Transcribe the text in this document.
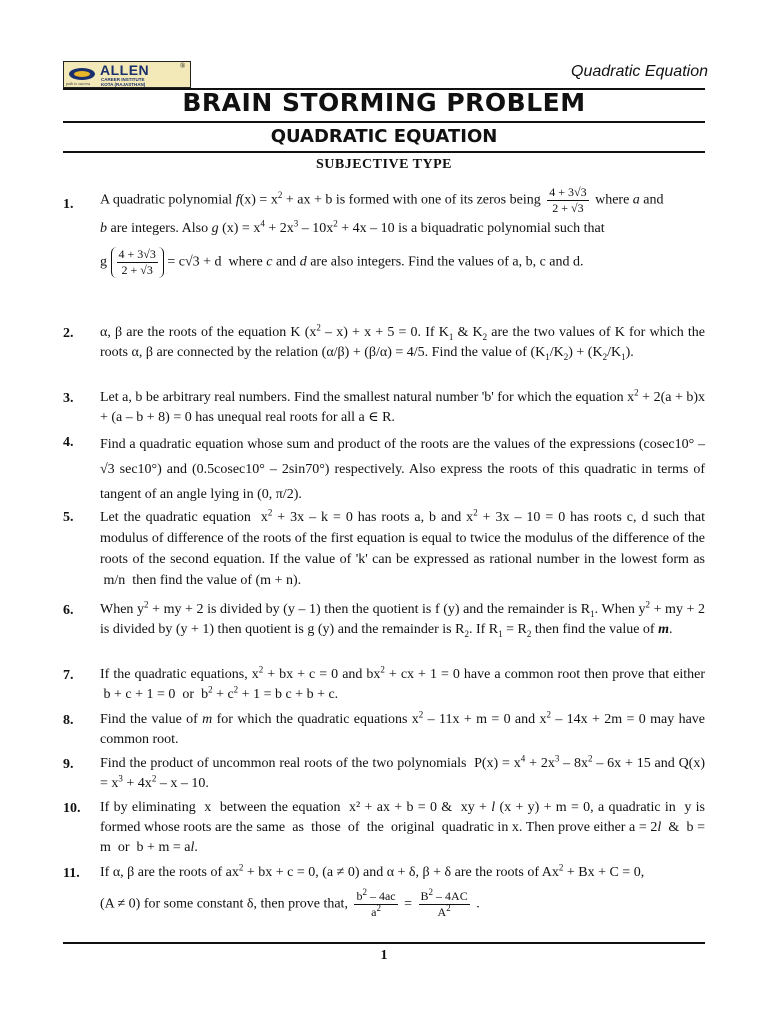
ALLEN
CAREER INSTITUTE
KOTA (RAJASTHAN)
®
path to success
Quadratic Equation
BRAIN STORMING PROBLEM
QUADRATIC EQUATION
SUBJECTIVE TYPE
1.	A quadratic polynomial $f(x) = x^2$ + ax + b is formed with one of its zeros being $\frac{4 + 3√3}{2 + √3}$ where a and

b are integers. Also g $(x) = x^4 + 2x^3 - 10x^2 + 4x - 10$ is a biquadratic polynomial such that

g $\frac{4 + 3√3}{2 + √3} = c√3 + d$  where c and d are also integers. Find the values of a, b, c and d.

2.	α, β are the roots of the equation K $(x^2 - x) + x + 5 = 0$. If $K_1$ & $K_2$ are the two values of K for which the roots α, β are connected by the relation (α/β) + (β/α) = 4/5. Find the value of $(K_1/K_2) + (K_2/K_1)$.

3.	Let a, b be arbitrary real numbers. Find the smallest natural number 'b' for which the equation $x^2 + 2(a + b)x + (a - b + 8) = 0$ has unequal real roots for all a ∈ R.

4.	Find a quadratic equation whose sum and product of the roots are the values of the expressions (cosec10° – √3 sec10°) and (0.5cosec10° – 2sin70°) respectively. Also express the roots of this quadratic in terms of tangent of an angle lying in (0, π/2).

5.	Let the quadratic equation  $x^2 + 3x - k = 0$ has roots a, b and $x^2 + 3x - 10 = 0$ has roots c, d such that modulus of difference of the roots of the first equation is equal to twice the modulus of the difference of the roots of the second equation. If the value of 'k' can be expressed as rational number in the lowest form as  m/n  then find the value of (m + n).

6.	When $y^2$ + my + 2 is divided by (y – 1) then the quotient is f (y) and the remainder is $R_1$. When $y^2$ + my + 2 is divided by (y + 1) then quotient is g (y) and the remainder is $R_2$. If $R_1 = R_2$ then find the value of m.

7.	If the quadratic equations, $x^2$ + bx + c = 0 and $bx^2$ + cx + 1 = 0 have a common root then prove that either  b + c + 1 = 0  or  $b^2 + c^2 + 1 = b$ c + b + c.

8.	Find the value of m for which the quadratic equations $x^2 - 11x + m = 0$ and $x^2 - 14x + 2m = 0$ may have common root.

9.	Find the product of uncommon real roots of the two polynomials  $P(x) = x^4 + 2x^3 - 8x^2 - 6x + 15$ and $Q(x) = x^3 + 4x^2 - x - 10$.

10.	If by eliminating  x  between the equation  x² + ax + b = 0 &  xy + l (x + y) + m = 0, a quadratic in  y is formed whose roots are the same  as  those  of  the  original  quadratic in x. Then prove either a = 2l  &  b = m  or  b + m = al.

11.	If α, β are the roots of $ax^2$ + bx + c = 0, (a ≠ 0) and α + δ, β + δ are the roots of $Ax^2 + Bx + C = 0$,

(A ≠ 0) for some constant δ, then prove that, $\frac{b^2 - 4ac}{a^2} = \frac{B^2 - 4AC}{A^2}$ .

1
